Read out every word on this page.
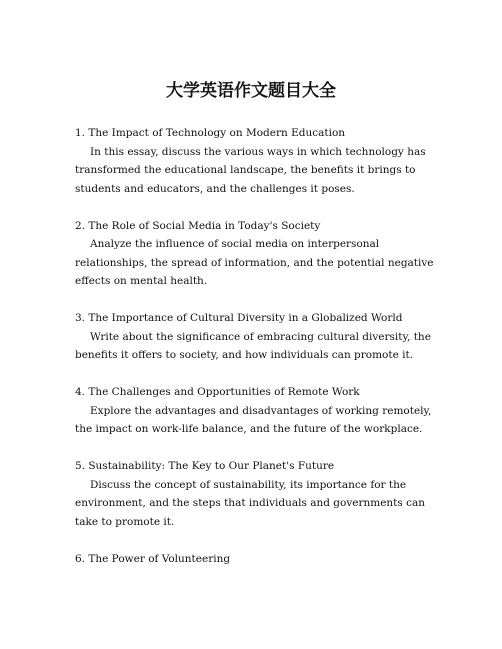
大学英语作文题目大全

1. The Impact of Technology on Modern Education

In this essay, discuss the various ways in which technology has transformed the educational landscape, the benefits it brings to students and educators, and the challenges it poses.

2. The Role of Social Media in Today's Society

Analyze the influence of social media on interpersonal relationships, the spread of information, and the potential negative effects on mental health.

3. The Importance of Cultural Diversity in a Globalized World

Write about the significance of embracing cultural diversity, the benefits it offers to society, and how individuals can promote it.

4. The Challenges and Opportunities of Remote Work

Explore the advantages and disadvantages of working remotely, the impact on work-life balance, and the future of the workplace.

5. Sustainability: The Key to Our Planet's Future

Discuss the concept of sustainability, its importance for the environment, and the steps that individuals and governments can take to promote it.

6. The Power of Volunteering
